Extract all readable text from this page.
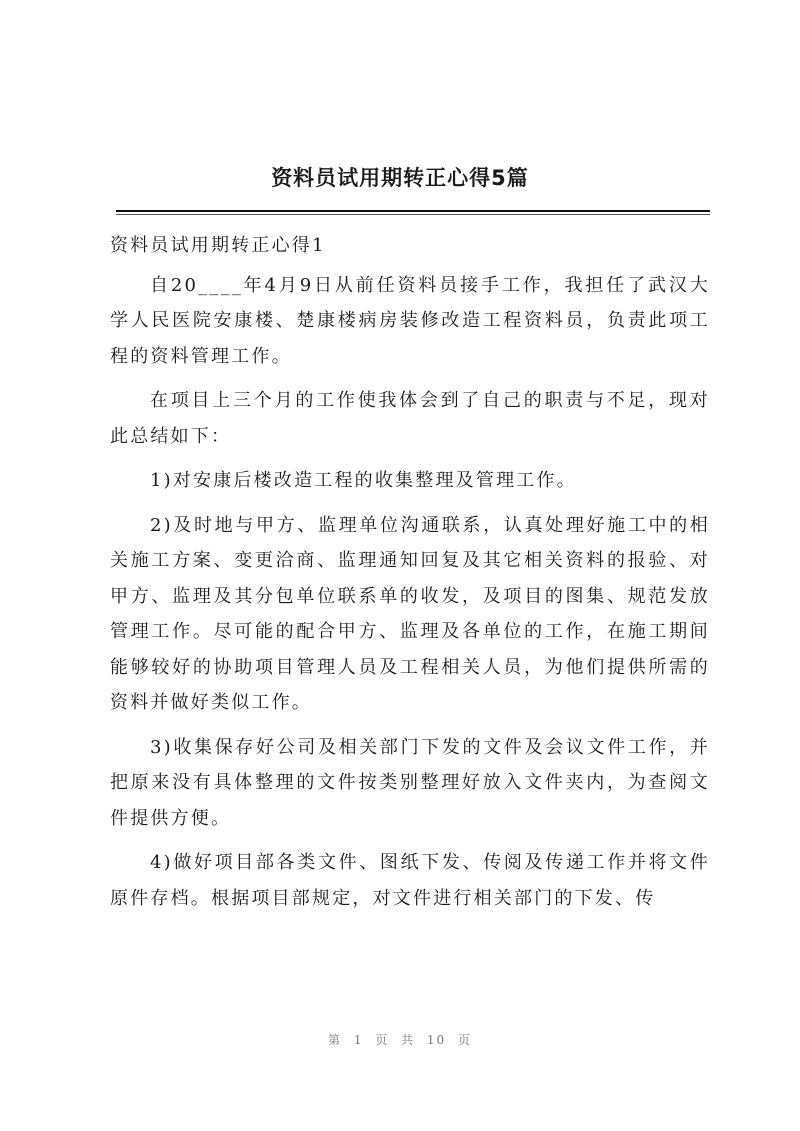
资料员试用期转正心得5篇

资料员试用期转正心得1

自20____年4月9日从前任资料员接手工作，我担任了武汉大学人民医院安康楼、楚康楼病房装修改造工程资料员，负责此项工程的资料管理工作。

在项目上三个月的工作使我体会到了自己的职责与不足，现对此总结如下：

1)对安康后楼改造工程的收集整理及管理工作。

2)及时地与甲方、监理单位沟通联系，认真处理好施工中的相关施工方案、变更洽商、监理通知回复及其它相关资料的报验、对甲方、监理及其分包单位联系单的收发，及项目的图集、规范发放管理工作。尽可能的配合甲方、监理及各单位的工作，在施工期间能够较好的协助项目管理人员及工程相关人员，为他们提供所需的资料并做好类似工作。

3)收集保存好公司及相关部门下发的文件及会议文件工作，并把原来没有具体整理的文件按类别整理好放入文件夹内，为查阅文件提供方便。

4)做好项目部各类文件、图纸下发、传阅及传递工作并将文件原件存档。根据项目部规定，对文件进行相关部门的下发、传

第 1 页 共 10 页
